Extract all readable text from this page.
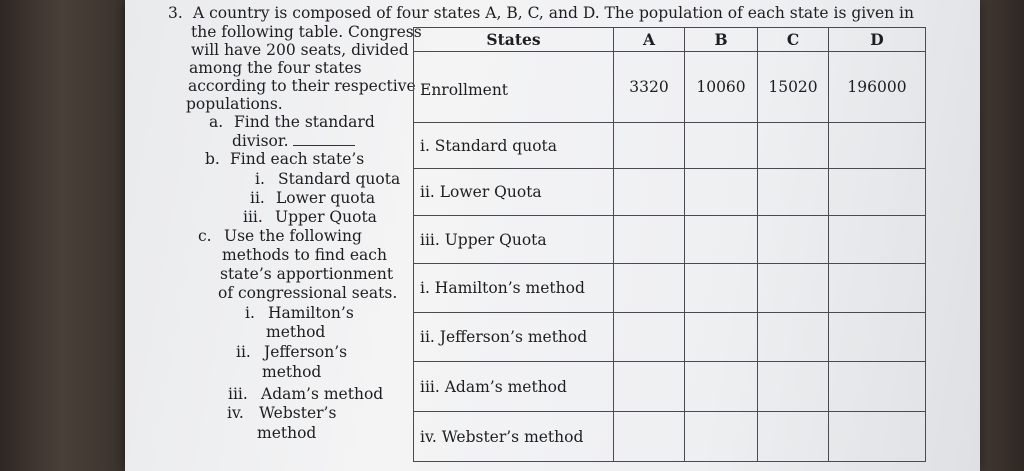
3. A country is composed of four states A, B, C, and D. The population of each state is given in
the following table. Congress
will have 200 seats, divided
among the four states
according to their respective
populations.
a. Find the standard
divisor.
b. Find each state’s
i. Standard quota
ii. Lower quota
iii. Upper Quota
c. Use the following
methods to find each
state’s apportionment
of congressional seats.
i. Hamilton’s
method
ii. Jefferson’s
method
iii. Adam’s method
iv. Webster’s
method
States	A	B	C	D
Enrollment	3320	10060	15020	196000
i. Standard quota				
ii. Lower Quota				
iii. Upper Quota				
i. Hamilton’s method				
ii. Jefferson’s method				
iii. Adam’s method				
iv. Webster’s method				
